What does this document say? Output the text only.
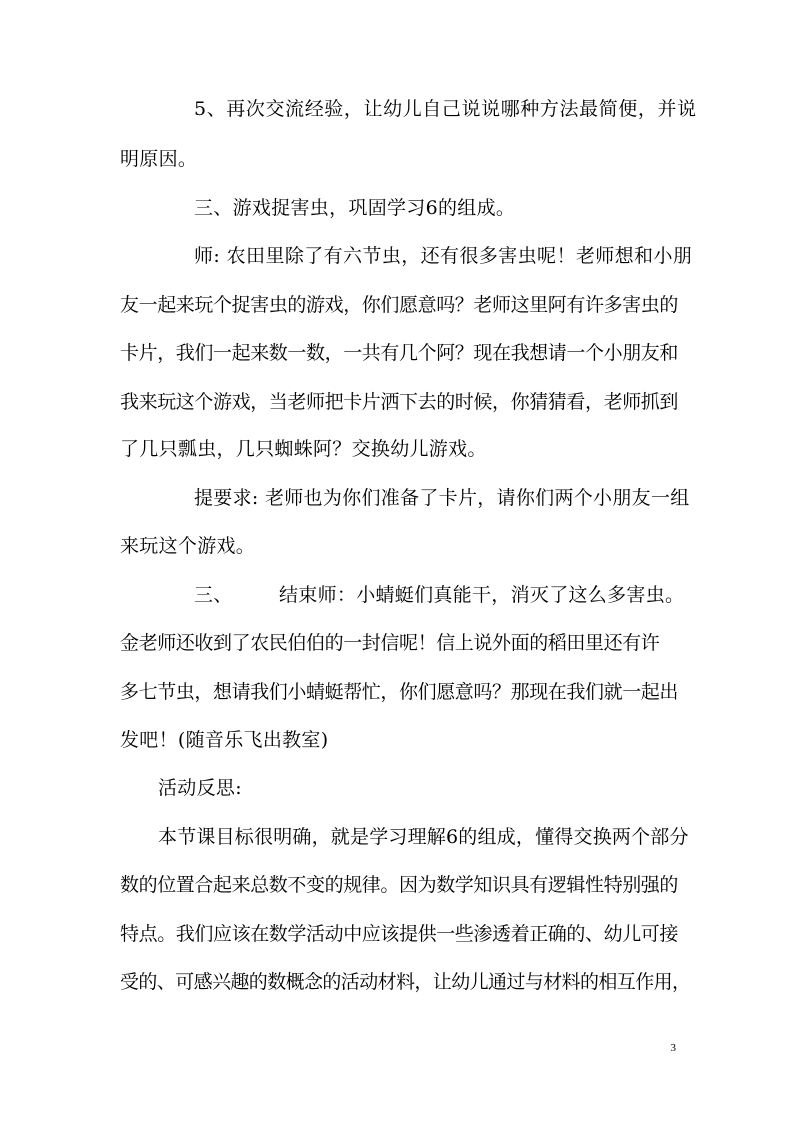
5、再次交流经验，让幼儿自己说说哪种方法最简便，并说
明原因。
三、游戏捉害虫，巩固学习6的组成。
师: 农田里除了有六节虫，还有很多害虫呢！老师想和小朋
友一起来玩个捉害虫的游戏，你们愿意吗？老师这里阿有许多害虫的
卡片，我们一起来数一数，一共有几个阿？现在我想请一个小朋友和
我来玩这个游戏，当老师把卡片洒下去的时候，你猜猜看，老师抓到
了几只瓢虫，几只蜘蛛阿？交换幼儿游戏。
提要求: 老师也为你们准备了卡片，请你们两个小朋友一组
来玩这个游戏。
三、 结束师：小蜻蜓们真能干，消灭了这么多害虫。
金老师还收到了农民伯伯的一封信呢！信上说外面的稻田里还有许
多七节虫，想请我们小蜻蜓帮忙，你们愿意吗？那现在我们就一起出
发吧！(随音乐飞出教室)
活动反思:
本节课目标很明确，就是学习理解6的组成，懂得交换两个部分
数的位置合起来总数不变的规律。因为数学知识具有逻辑性特别强的
特点。我们应该在数学活动中应该提供一些渗透着正确的、幼儿可接
受的、可感兴趣的数概念的活动材料，让幼儿通过与材料的相互作用，
3
